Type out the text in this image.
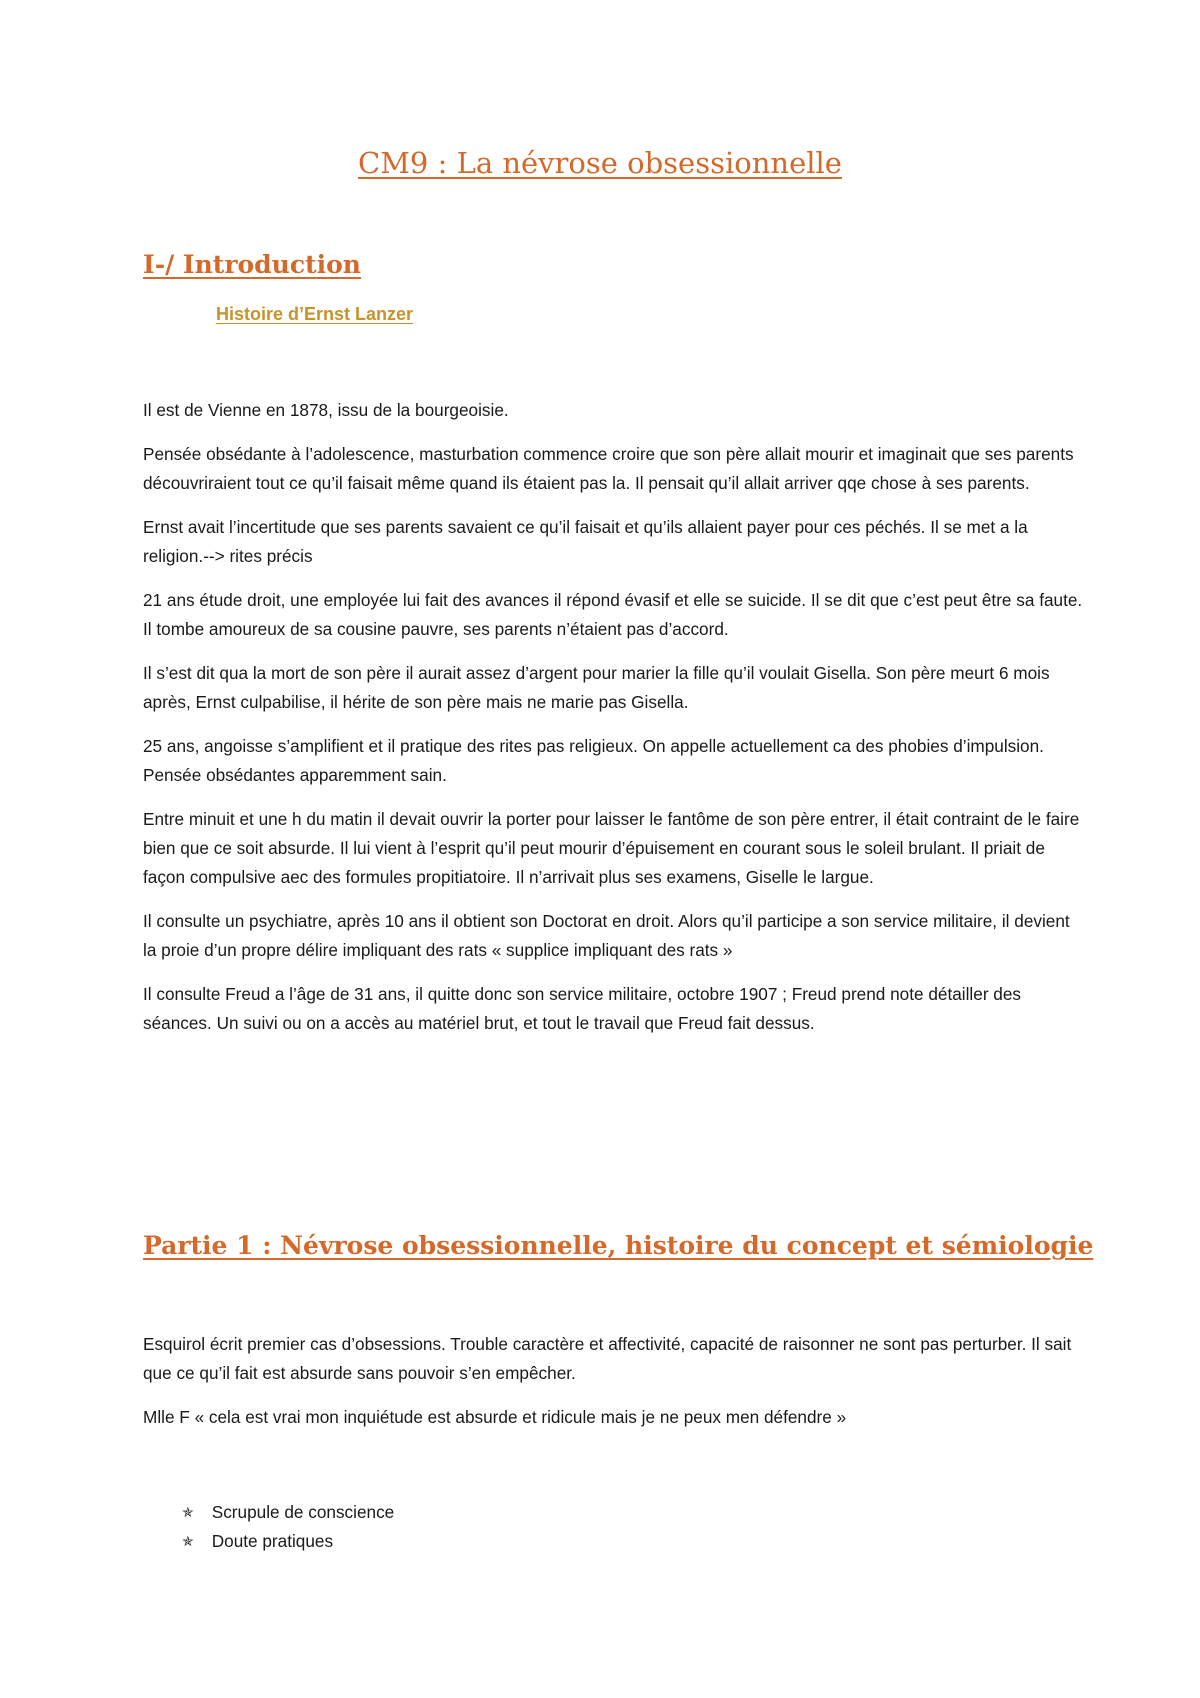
CM9 : La névrose obsessionnelle
I-/ Introduction
Histoire d’Ernst Lanzer

Il est de Vienne en 1878, issu de la bourgeoisie.

Pensée obsédante à l’adolescence, masturbation commence croire que son père allait mourir et imaginait que ses parents découvriraient tout ce qu’il faisait même quand ils étaient pas la. Il pensait qu’il allait arriver qqe chose à ses parents.

Ernst avait l’incertitude que ses parents savaient ce qu’il faisait et qu’ils allaient payer pour ces péchés. Il se met a la religion.--> rites précis

21 ans étude droit, une employée lui fait des avances il répond évasif et elle se suicide. Il se dit que c’est peut être sa faute. Il tombe amoureux de sa cousine pauvre, ses parents n’étaient pas d’accord.

Il s’est dit qua la mort de son père il aurait assez d’argent pour marier la fille qu’il voulait Gisella. Son père meurt 6 mois après, Ernst culpabilise, il hérite de son père mais ne marie pas Gisella.

25 ans, angoisse s’amplifient et il pratique des rites pas religieux. On appelle actuellement ca des phobies d’impulsion. Pensée obsédantes apparemment sain.

Entre minuit et une h du matin il devait ouvrir la porter pour laisser le fantôme de son père entrer, il était contraint de le faire bien que ce soit absurde. Il lui vient à l’esprit qu’il peut mourir d’épuisement en courant sous le soleil brulant. Il priait de façon compulsive aec des formules propitiatoire. Il n’arrivait plus ses examens, Giselle le largue.

Il consulte un psychiatre, après 10 ans il obtient son Doctorat en droit. Alors qu’il participe a son service militaire, il devient la proie d’un propre délire impliquant des rats « supplice impliquant des rats »

Il consulte Freud a l’âge de 31 ans, il quitte donc son service militaire, octobre 1907 ; Freud prend note détailler des séances. Un suivi ou on a accès au matériel brut, et tout le travail que Freud fait dessus.

Partie 1 : Névrose obsessionnelle, histoire du concept et sémiologie

Esquirol écrit premier cas d’obsessions. Trouble caractère et affectivité, capacité de raisonner ne sont pas perturber. Il sait que ce qu’il fait est absurde sans pouvoir s’en empêcher.

Mlle F « cela est vrai mon inquiétude est absurde et ridicule mais je ne peux men défendre »

✯ Scrupule de conscience
✯ Doute pratiques
